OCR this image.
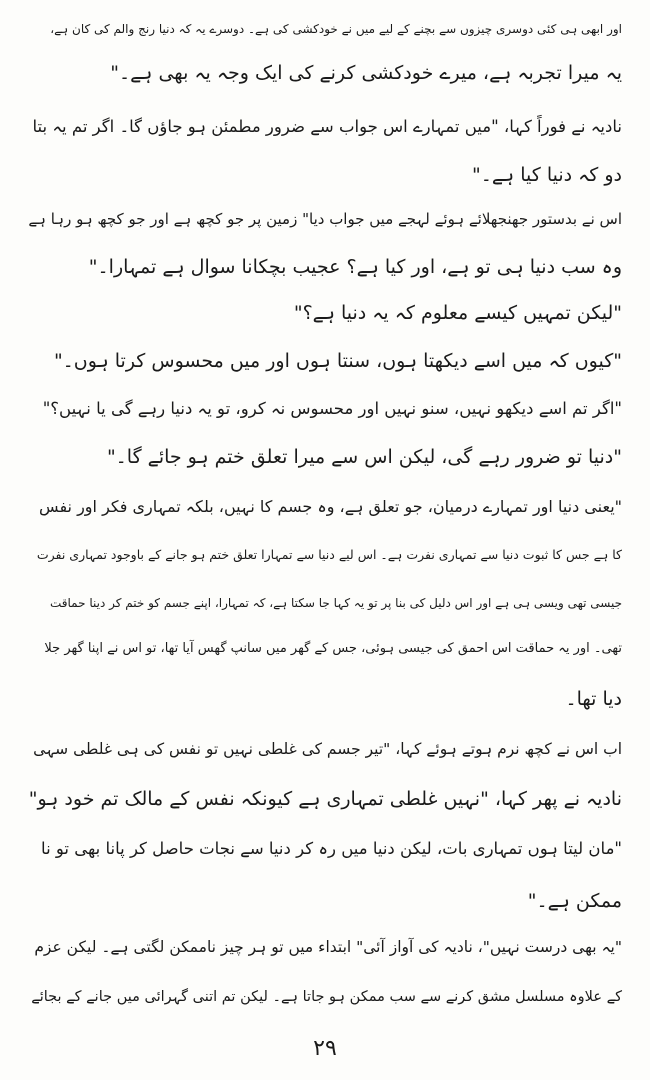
اور ابھی ہی کئی دوسری چیزوں سے بچنے کے لیے میں نے خودکشی کی ہے۔ دوسرے یہ کہ دنیا رنج والم کی کان ہے،
یہ میرا تجربہ ہے، میرے خودکشی کرنے کی ایک وجہ یہ بھی ہے۔"
نادیہ نے فوراً کہا، "میں تمہارے اس جواب سے ضرور مطمئن ہو جاؤں گا۔ اگر تم یہ بتا
دو کہ دنیا کیا ہے۔"
اس نے بدستور جھنجھلائے ہوئے لہجے میں جواب دیا" زمین پر جو کچھ ہے اور جو کچھ ہو رہا ہے
وہ سب دنیا ہی تو ہے، اور کیا ہے؟ عجیب بچکانا سوال ہے تمہارا۔"
"لیکن تمہیں کیسے معلوم کہ یہ دنیا ہے؟"
"کیوں کہ میں اسے دیکھتا ہوں، سنتا ہوں اور میں محسوس کرتا ہوں۔"
"اگر تم اسے دیکھو نہیں، سنو نہیں اور محسوس نہ کرو، تو یہ دنیا رہے گی یا نہیں؟"
"دنیا تو ضرور رہے گی، لیکن اس سے میرا تعلق ختم ہو جائے گا۔"
"یعنی دنیا اور تمہارے درمیان، جو تعلق ہے، وہ جسم کا نہیں، بلکہ تمہاری فکر اور نفس
کا ہے جس کا ثبوت دنیا سے تمہاری نفرت ہے۔ اس لیے دنیا سے تمہارا تعلق ختم ہو جانے کے باوجود تمہاری نفرت
جیسی تھی ویسی ہی ہے اور اس دلیل کی بنا پر تو یہ کہا جا سکتا ہے، کہ تمہارا، اپنے جسم کو ختم کر دینا حماقت
تھی۔ اور یہ حماقت اس احمق کی جیسی ہوئی، جس کے گھر میں سانپ گھس آیا تھا، تو اس نے اپنا گھر جلا
دیا تھا۔
اب اس نے کچھ نرم ہوتے ہوئے کہا، "تیر جسم کی غلطی نہیں تو نفس کی ہی غلطی سہی
نادیہ نے پھر کہا، "نہیں غلطی تمہاری ہے کیونکہ نفس کے مالک تم خود ہو"
"مان لیتا ہوں تمہاری بات، لیکن دنیا میں رہ کر دنیا سے نجات حاصل کر پانا بھی تو نا
ممکن ہے۔"
"یہ بھی درست نہیں"، نادیہ کی آواز آئی" ابتداء میں تو ہر چیز ناممکن لگتی ہے۔ لیکن عزم
کے علاوہ مسلسل مشق کرنے سے سب ممکن ہو جاتا ہے۔ لیکن تم اتنی گہرائی میں جانے کے بجائے
۲۹
